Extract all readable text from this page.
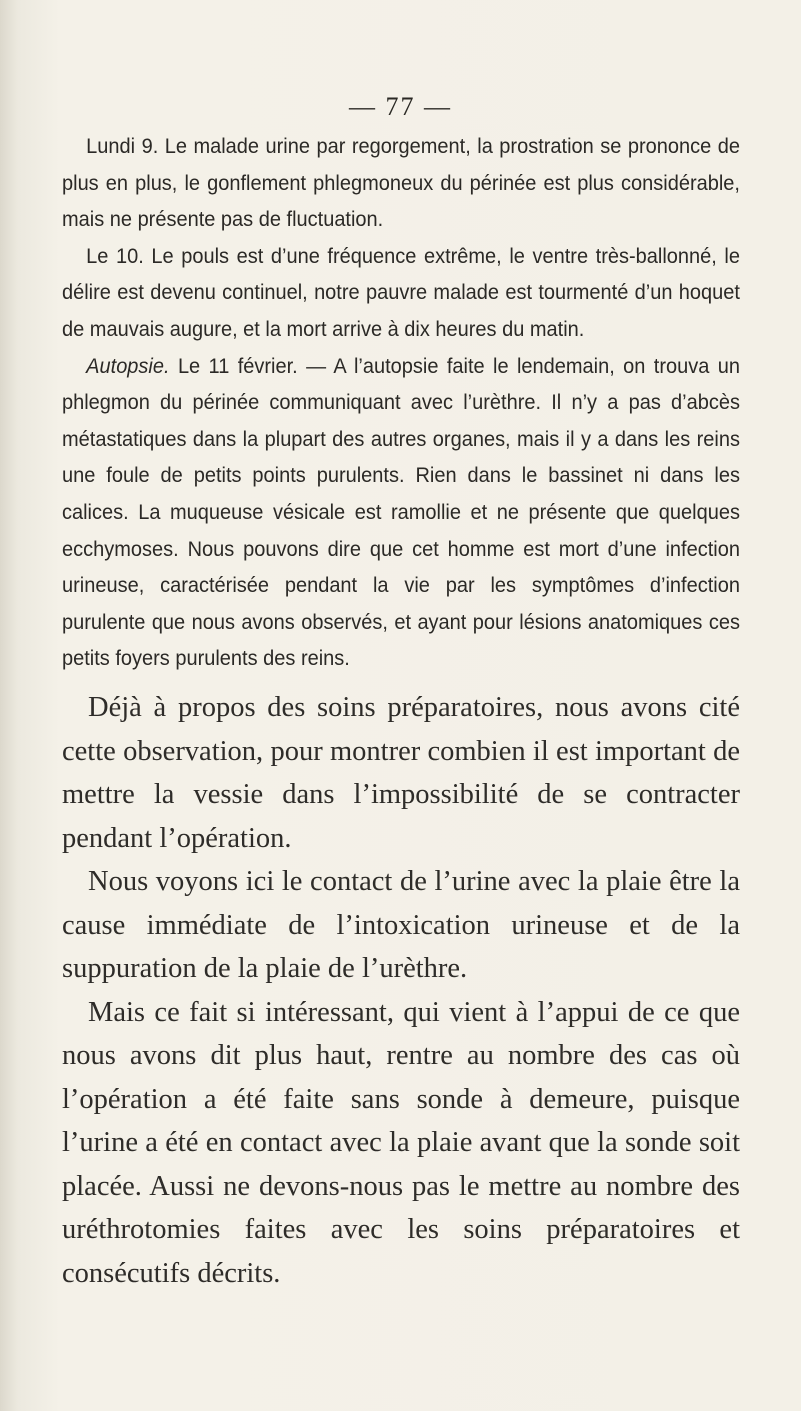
— 77 —

Lundi 9. Le malade urine par regorgement, la prostration se prononce de plus en plus, le gonflement phlegmoneux du périnée est plus considérable, mais ne présente pas de fluctuation.

Le 10. Le pouls est d’une fréquence extrême, le ventre très-ballonné, le délire est devenu continuel, notre pauvre malade est tourmenté d’un hoquet de mauvais augure, et la mort arrive à dix heures du matin.

Autopsie. Le 11 février. — A l’autopsie faite le lendemain, on trouva un phlegmon du périnée communiquant avec l’urèthre. Il n’y a pas d’abcès métastatiques dans la plupart des autres organes, mais il y a dans les reins une foule de petits points purulents. Rien dans le bassinet ni dans les calices. La muqueuse vésicale est ramollie et ne présente que quelques ecchymoses. Nous pouvons dire que cet homme est mort d’une infection urineuse, caractérisée pendant la vie par les symptômes d’infection purulente que nous avons observés, et ayant pour lésions anatomiques ces petits foyers purulents des reins.

Déjà à propos des soins préparatoires, nous avons cité cette observation, pour montrer combien il est important de mettre la vessie dans l’impossibilité de se contracter pendant l’opération.

Nous voyons ici le contact de l’urine avec la plaie être la cause immédiate de l’intoxication urineuse et de la suppuration de la plaie de l’urèthre.

Mais ce fait si intéressant, qui vient à l’appui de ce que nous avons dit plus haut, rentre au nombre des cas où l’opération a été faite sans sonde à demeure, puisque l’urine a été en contact avec la plaie avant que la sonde soit placée. Aussi ne devons-nous pas le mettre au nombre des uréthrotomies faites avec les soins préparatoires et consécutifs décrits.
